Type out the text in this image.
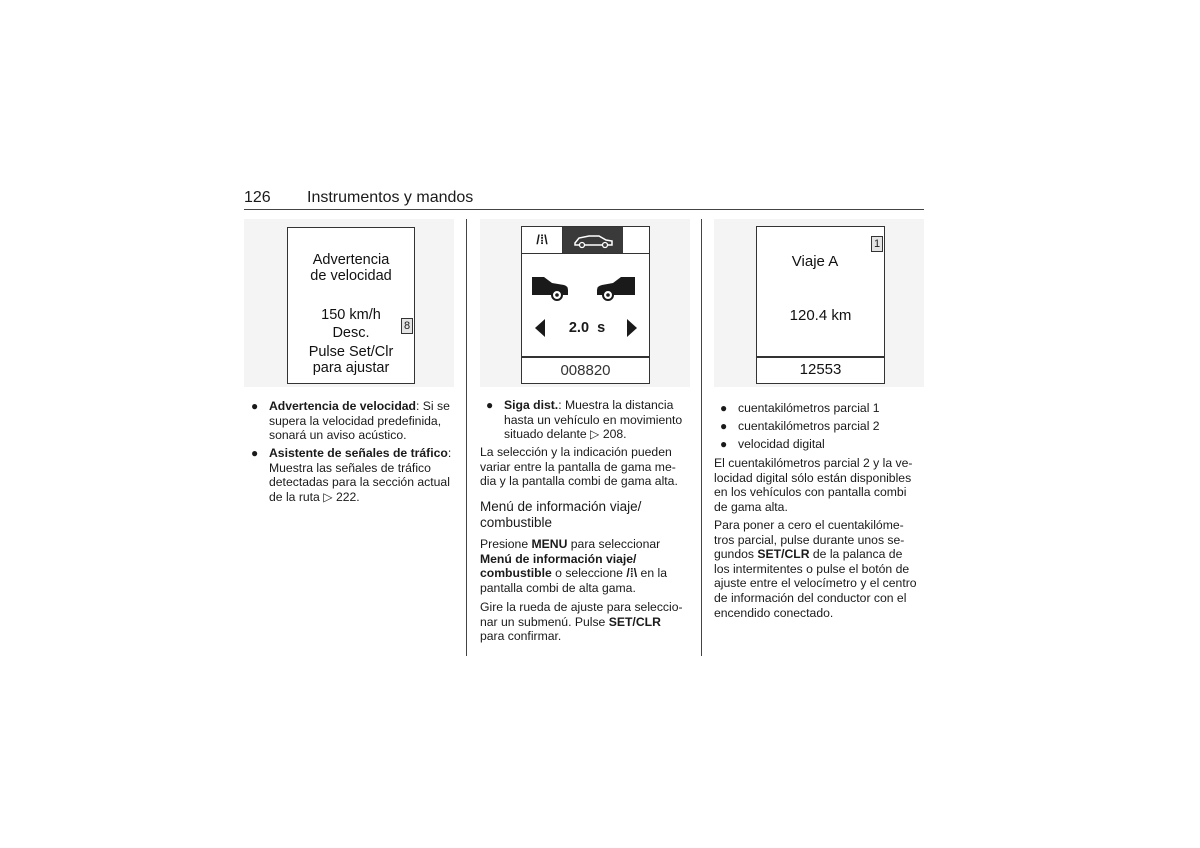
126 Instrumentos y mandos
Advertencia
de velocidad
150 km/h
Desc.
Pulse Set/Clr
para ajustar
8
● Advertencia de velocidad: Si se
supera la velocidad predefinida,
sonará un aviso acústico.
● Asistente de señales de tráfico:
Muestra las señales de tráfico
detectadas para la sección actual
de la ruta ▷ 222.
/⁞\
2.0  s
008820
● Siga dist.: Muestra la distancia
hasta un vehículo en movimiento
situado delante ▷ 208.
La selección y la indicación pueden
variar entre la pantalla de gama me-
dia y la pantalla combi de gama alta.
Menú de información viaje/
combustible
Presione MENU para seleccionar
Menú de información viaje/
combustible o seleccione /⁞\ en la
pantalla combi de alta gama.
Gire la rueda de ajuste para seleccio-
nar un submenú. Pulse SET/CLR
para confirmar.
Viaje A
1
120.4 km
12553
● cuentakilómetros parcial 1
● cuentakilómetros parcial 2
● velocidad digital
El cuentakilómetros parcial 2 y la ve-
locidad digital sólo están disponibles
en los vehículos con pantalla combi
de gama alta.
Para poner a cero el cuentakilóme-
tros parcial, pulse durante unos se-
gundos SET/CLR de la palanca de
los intermitentes o pulse el botón de
ajuste entre el velocímetro y el centro
de información del conductor con el
encendido conectado.
